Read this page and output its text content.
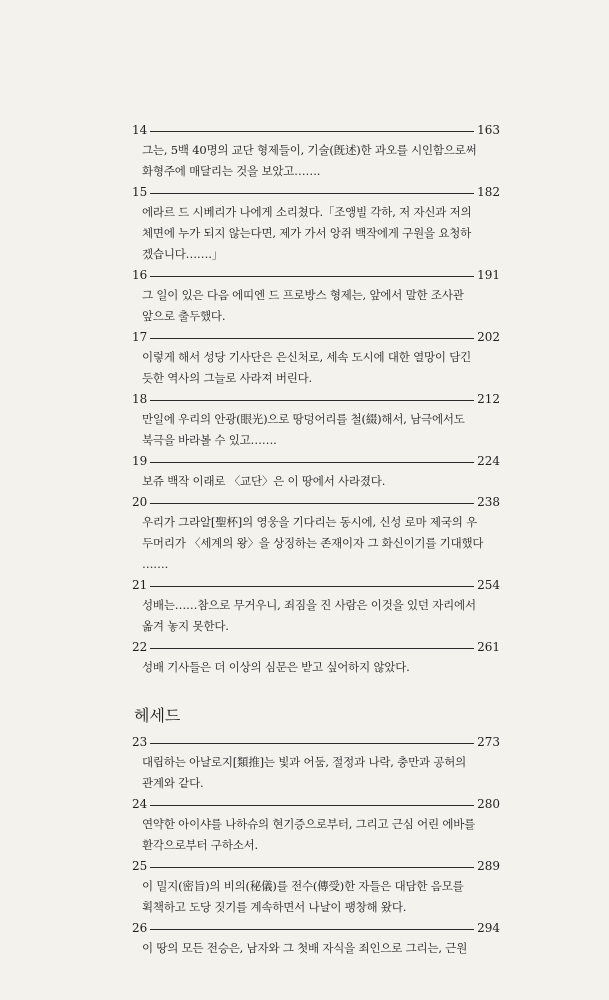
14	163

그는, 5백 40명의 교단 형제들이, 기술(旣述)한 과오를 시인함으로써
화형주에 매달리는 것을 보았고…….

15	182

에라르 드 시베리가 나에게 소리쳤다.「조앵빌 각하, 저 자신과 저의
체면에 누가 되지 않는다면, 제가 가서 앙쥐 백작에게 구원을 요청하
겠습니다…….」

16	191

그 일이 있은 다음 에띠엔 드 프로방스 형제는, 앞에서 말한 조사관
앞으로 출두했다.

17	202

이렇게 해서 성당 기사단은 은신처로, 세속 도시에 대한 열망이 담긴
듯한 역사의 그늘로 사라져 버린다.

18	212

만일에 우리의 안광(眼光)으로 땅덩어리를 철(綴)해서, 남극에서도
북극을 바라볼 수 있고…….

19	224

보쥬 백작 이래로 〈교단〉은 이 땅에서 사라졌다.

20	238

우리가 그라알[聖杯]의 영웅을 기다리는 동시에, 신성 로마 제국의 우
두머리가 〈세계의 왕〉을 상징하는 존재이자 그 화신이기를 기대했다
…….

21	254

성배는……참으로 무거우니, 죄짐을 진 사람은 이것을 있던 자리에서
옮겨 놓지 못한다.

22	261

성배 기사들은 더 이상의 심문은 받고 싶어하지 않았다.

헤세드
23	273

대립하는 아날로지[類推]는 빛과 어둠, 절정과 나락, 충만과 공허의
관계와 같다.

24	280

연약한 아이샤를 나하슈의 현기증으로부터, 그리고 근심 어린 에바를
환각으로부터 구하소서.

25	289

이 밀지(密旨)의 비의(秘儀)를 전수(傳受)한 자들은 대담한 음모를
획책하고 도당 짓기를 계속하면서 나날이 팽창해 왔다.

26	294

이 땅의 모든 전승은, 남자와 그 첫배 자식을 죄인으로 그리는, 근원
